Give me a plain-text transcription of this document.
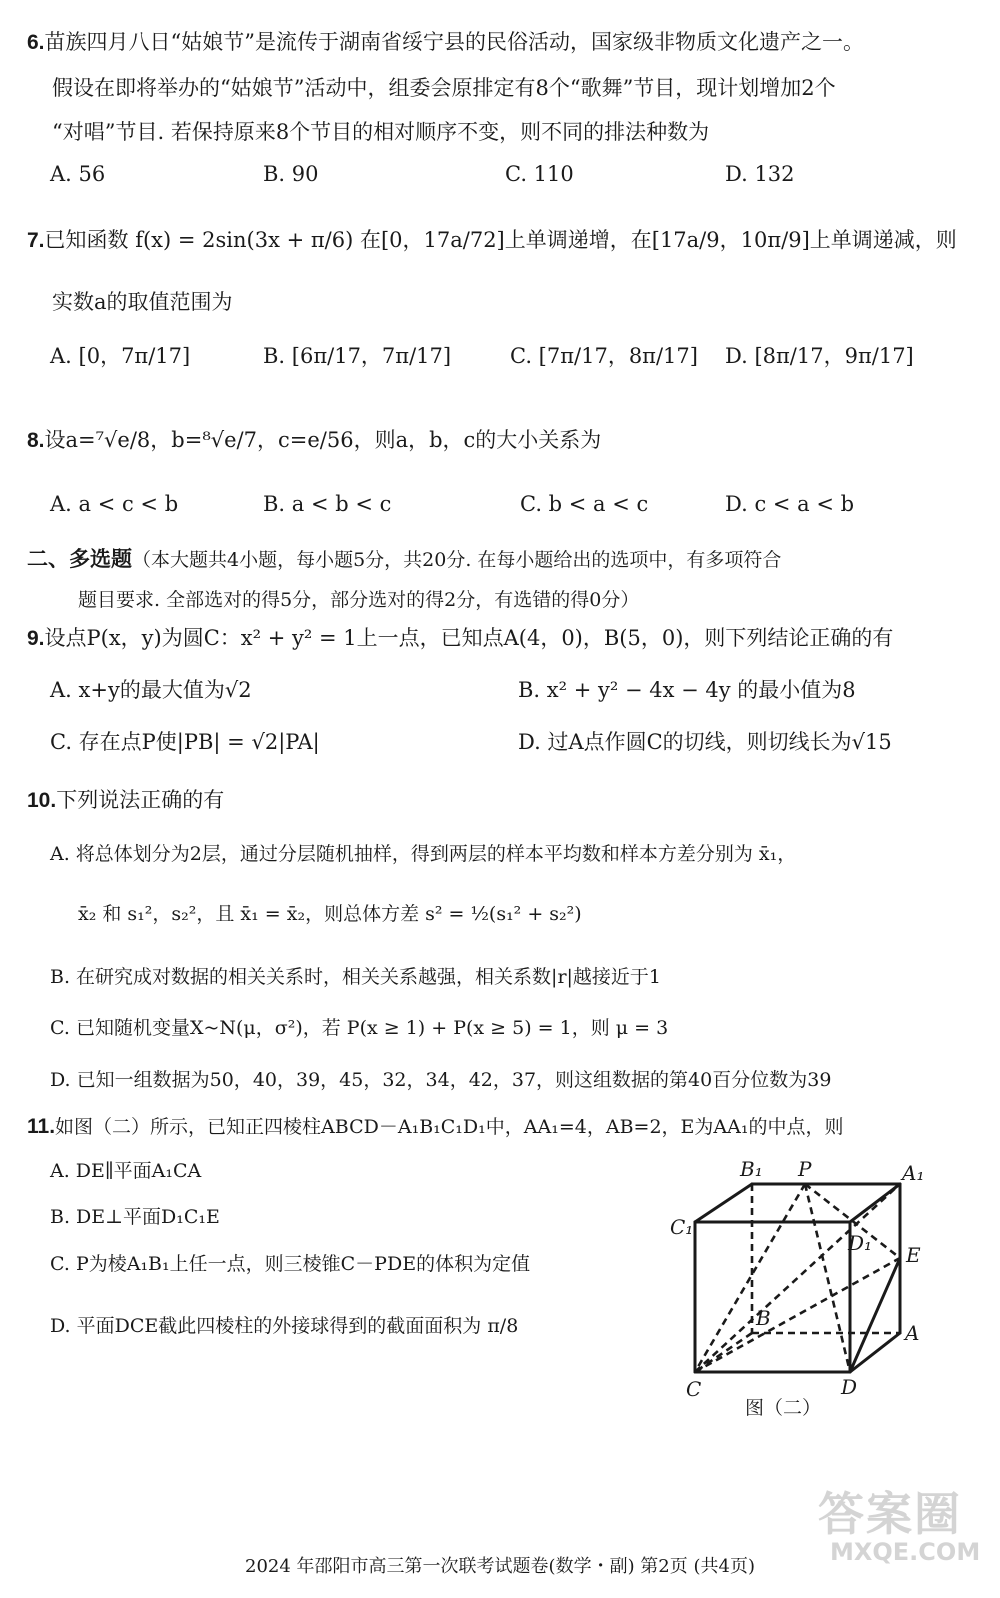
6.苗族四月八日“姑娘节”是流传于湖南省绥宁县的民俗活动，国家级非物质文化遗产之一。
假设在即将举办的“姑娘节”活动中，组委会原排定有8个“歌舞”节目，现计划增加2个
“对唱”节目. 若保持原来8个节目的相对顺序不变，则不同的排法种数为
A. 56	B. 90	C. 110	D. 132
7.已知函数 f(x) = 2sin(3x + π/6) 在[0，17a/72]上单调递增，在[17a/9，10π/9]上单调递减，则
实数a的取值范围为
A. [0，7π/17]	B. [6π/17，7π/17]	C. [7π/17，8π/17] D. [8π/17，9π/17]
8.设a=⁷√e/8，b=⁸√e/7，c=e/56，则a，b，c的大小关系为
A. a < c < b	B. a < b < c	C. b < a < c	D. c < a < b
二、多选题（本大题共4小题，每小题5分，共20分. 在每小题给出的选项中，有多项符合
题目要求. 全部选对的得5分，部分选对的得2分，有选错的得0分）
9.设点P(x，y)为圆C：x² + y² = 1上一点，已知点A(4，0)，B(5，0)，则下列结论正确的有
A. x+y的最大值为√2	B. x² + y² − 4x − 4y 的最小值为8
C. 存在点P使|PB| = √2|PA|	D. 过A点作圆C的切线，则切线长为√15
10.下列说法正确的有
A. 将总体划分为2层，通过分层随机抽样，得到两层的样本平均数和样本方差分别为 x̄₁，
x̄₂ 和 s₁²，s₂²，且 x̄₁ = x̄₂，则总体方差 s² = ½(s₁² + s₂²)
B. 在研究成对数据的相关关系时，相关关系越强，相关系数|r|越接近于1
C. 已知随机变量X~N(μ，σ²)，若 P(x ≥ 1) + P(x ≥ 5) = 1，则 μ = 3
D. 已知一组数据为50，40，39，45，32，34，42，37，则这组数据的第40百分位数为39
11.如图（二）所示，已知正四棱柱ABCD－A₁B₁C₁D₁中，AA₁=4，AB=2，E为AA₁的中点，则
A. DE∥平面A₁CA
B. DE⊥平面D₁C₁E
C. P为棱A₁B₁上任一点，则三棱锥C－PDE的体积为定值
D. 平面DCE截此四棱柱的外接球得到的截面面积为 π/8
B₁ P	A₁
C₁
D₁ E
B
A
C	D
图（二）
答案圈
MXQE.COM
2024 年邵阳市高三第一次联考试题卷(数学・副) 第2页 (共4页)
